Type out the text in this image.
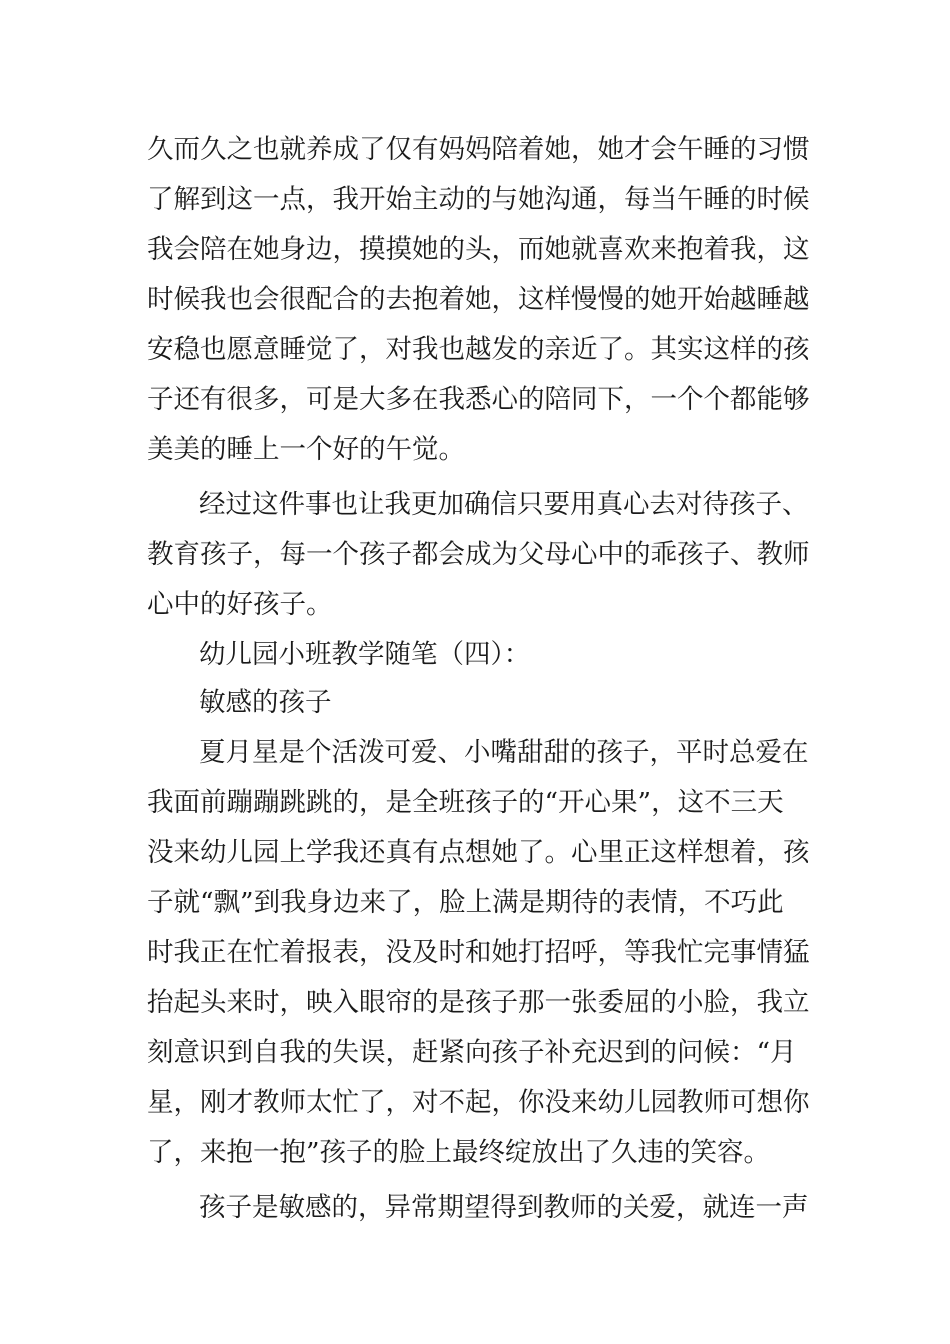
久而久之也就养成了仅有妈妈陪着她，她才会午睡的习惯
了解到这一点，我开始主动的与她沟通，每当午睡的时候
我会陪在她身边，摸摸她的头，而她就喜欢来抱着我，这
时候我也会很配合的去抱着她，这样慢慢的她开始越睡越
安稳也愿意睡觉了，对我也越发的亲近了。其实这样的孩
子还有很多，可是大多在我悉心的陪同下，一个个都能够
美美的睡上一个好的午觉。
经过这件事也让我更加确信只要用真心去对待孩子、
教育孩子，每一个孩子都会成为父母心中的乖孩子、教师
心中的好孩子。
幼儿园小班教学随笔（四）：
敏感的孩子
夏月星是个活泼可爱、小嘴甜甜的孩子，平时总爱在
我面前蹦蹦跳跳的，是全班孩子的“开心果”，这不三天
没来幼儿园上学我还真有点想她了。心里正这样想着，孩
子就“飘”到我身边来了，脸上满是期待的表情，不巧此
时我正在忙着报表，没及时和她打招呼，等我忙完事情猛
抬起头来时，映入眼帘的是孩子那一张委屈的小脸，我立
刻意识到自我的失误，赶紧向孩子补充迟到的问候：“月
星，刚才教师太忙了，对不起，你没来幼儿园教师可想你
了，来抱一抱”孩子的脸上最终绽放出了久违的笑容。
孩子是敏感的，异常期望得到教师的关爱，就连一声
